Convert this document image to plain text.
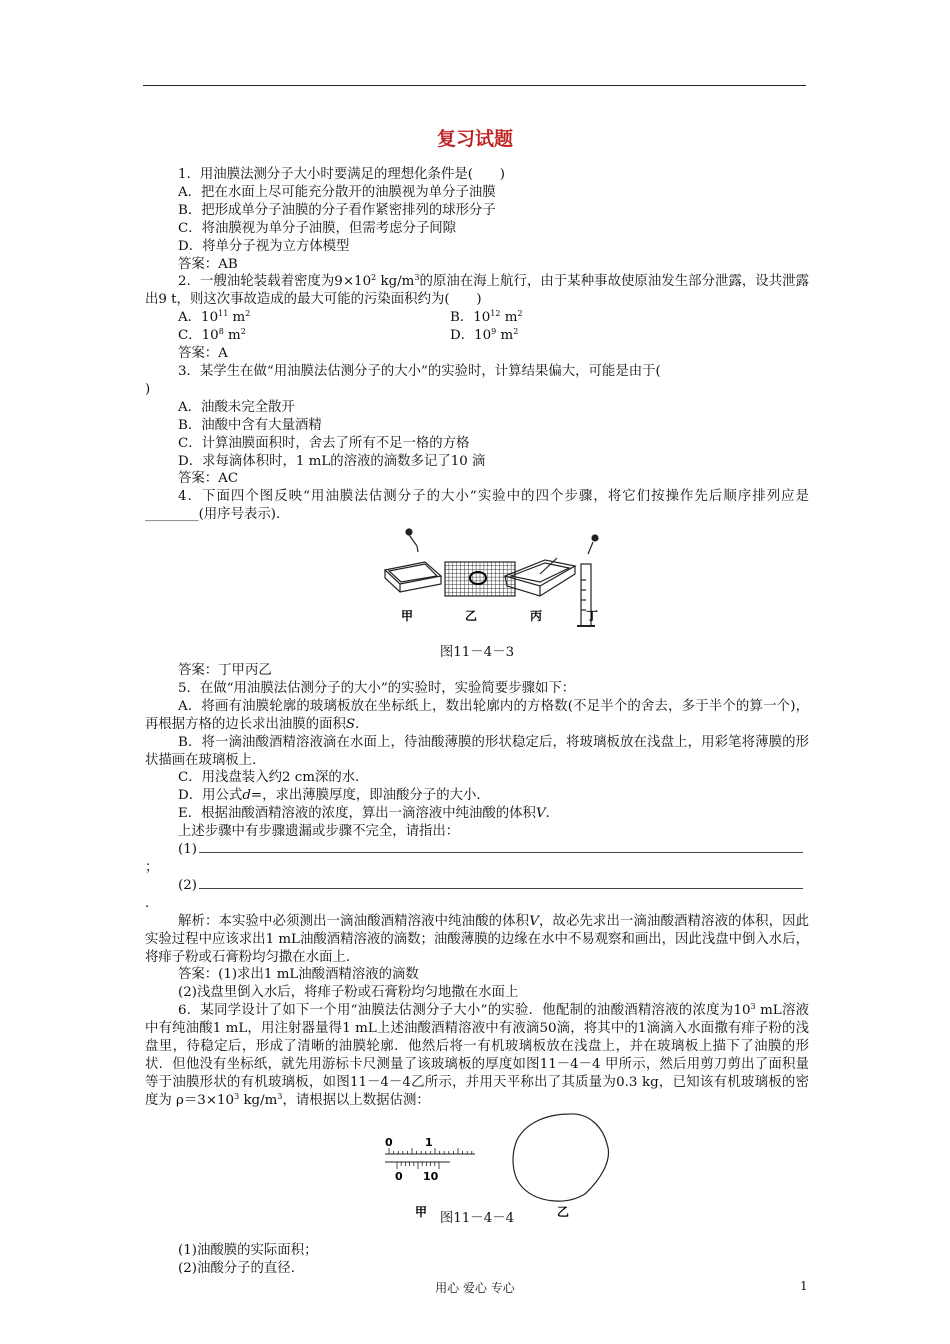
复习试题

1．用油膜法测分子大小时要满足的理想化条件是(　　)

A．把在水面上尽可能充分散开的油膜视为单分子油膜

B．把形成单分子油膜的分子看作紧密排列的球形分子

C．将油膜视为单分子油膜，但需考虑分子间隙

D．将单分子视为立方体模型

答案：AB

2．一艘油轮装载着密度为$9\times 10^2$ $kg/m^3$的原油在海上航行，由于某种事故使原油发生部分泄露，设共泄露出9 t，则这次事故造成的最大可能的污染面积约为(　　)

A．$10^{11}$ $m^2$	B．$10^{12}$ $m^2$
C．$10^8$ $m^2$	D．$10^9$ $m^2$

答案：A

3．某学生在做“用油膜法估测分子的大小”的实验时，计算结果偏大，可能是由于(

)

A．油酸未完全散开

B．油酸中含有大量酒精

C．计算油膜面积时，舍去了所有不足一格的方格

D．求每滴体积时，1 mL的溶液的滴数多记了10 滴

答案：AC

4．下面四个图反映“用油膜法估测分子的大小”实验中的四个步骤，将它们按操作先后顺序排列应是________(用序号表示)．

甲	乙	丙	丁

图11－4－3

答案：丁甲丙乙

5．在做“用油膜法估测分子的大小”的实验时，实验简要步骤如下：

A．将画有油膜轮廓的玻璃板放在坐标纸上，数出轮廓内的方格数(不足半个的舍去，多于半个的算一个)，再根据方格的边长求出油膜的面积S.

B．将一滴油酸酒精溶液滴在水面上，待油酸薄膜的形状稳定后，将玻璃板放在浅盘上，用彩笔将薄膜的形状描画在玻璃板上．

C．用浅盘装入约2 cm深的水．

D．用公式d=，求出薄膜厚度，即油酸分子的大小．

E．根据油酸酒精溶液的浓度，算出一滴溶液中纯油酸的体积V．

上述步骤中有步骤遗漏或步骤不完全，请指出：

(1)

；

(2)

．

解析：本实验中必须测出一滴油酸酒精溶液中纯油酸的体积V，故必先求出一滴油酸酒精溶液的体积，因此实验过程中应该求出1 mL油酸酒精溶液的滴数；油酸薄膜的边缘在水中不易观察和画出，因此浅盘中倒入水后，将痱子粉或石膏粉均匀撒在水面上．

答案：(1)求出1 mL油酸酒精溶液的滴数

(2)浅盘里倒入水后，将痱子粉或石膏粉均匀地撒在水面上

6．某同学设计了如下一个用“油膜法估测分子大小”的实验．他配制的油酸酒精溶液的浓度为$10^3$ mL溶液中有纯油酸1 mL，用注射器量得1 mL上述油酸酒精溶液中有液滴50滴，将其中的1滴滴入水面撒有痱子粉的浅盘里，待稳定后，形成了清晰的油膜轮廓．他然后将一有机玻璃板放在浅盘上，并在玻璃板上描下了油膜的形状．但他没有坐标纸，就先用游标卡尺测量了该玻璃板的厚度如图11－4－4 甲所示，然后用剪刀剪出了面积量等于油膜形状的有机玻璃板，如图11－4－4乙所示，并用天平称出了其质量为0.3 kg，已知该有机玻璃板的密度为 $\rho=3\times 10^3$ $kg/m^3$，请根据以上数据估测：

0	1
0 10
甲	乙

图11－4－4

(1)油酸膜的实际面积；

(2)油酸分子的直径．

用心 爱心 专心	1
